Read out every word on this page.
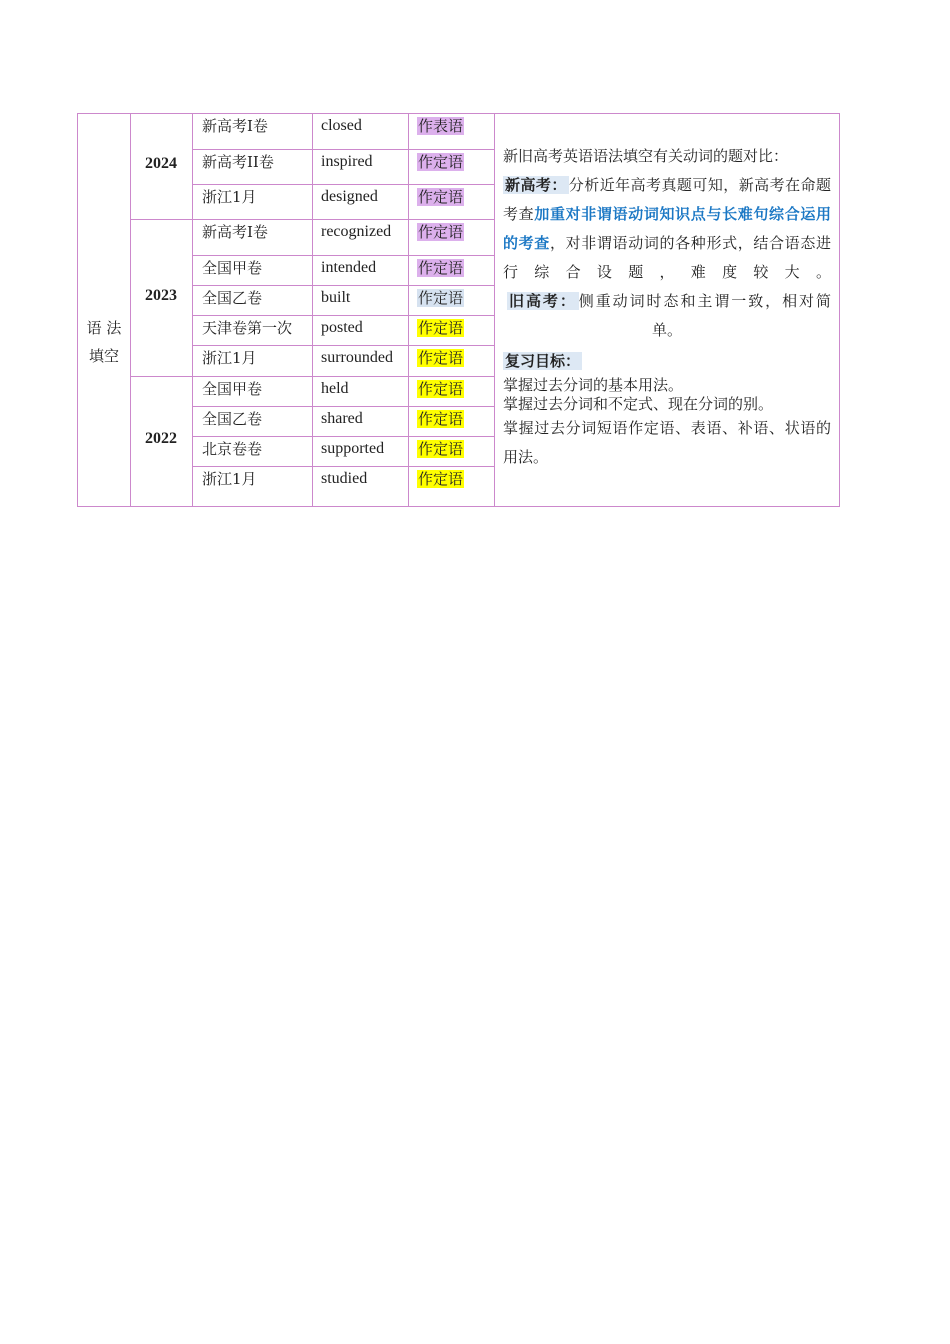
语 法
填空
2024
新高考I卷	closed	作表语
新高考II卷	inspired	作定语
浙江1月	designed	作定语
2023
新高考Ⅰ卷	recognized 作定语
全国甲卷	intended	作定语
全国乙卷	built	作定语
天津卷第一次 posted	作定语
浙江1月	surrounded 作定语
2022
全国甲卷	held	作定语
全国乙卷	shared	作定语
北京卷卷	supported 作定语
浙江1月	studied	作定语

新旧高考英语语法填空有关动词的题对比：

新高考： 分析近年高考真题可知，新高考在命题考查加重对非谓语动词知识点与长难句综合运用的考查，对非谓语动词的各种形式，结合语态进行综合设题，难度较大。

旧高考： 侧重动词时态和主谓一致，相对简

单。

复习目标：

掌握过去分词的基本用法。

掌握过去分词和不定式、现在分词的别。

掌握过去分词短语作定语、表语、补语、状语的用法。
